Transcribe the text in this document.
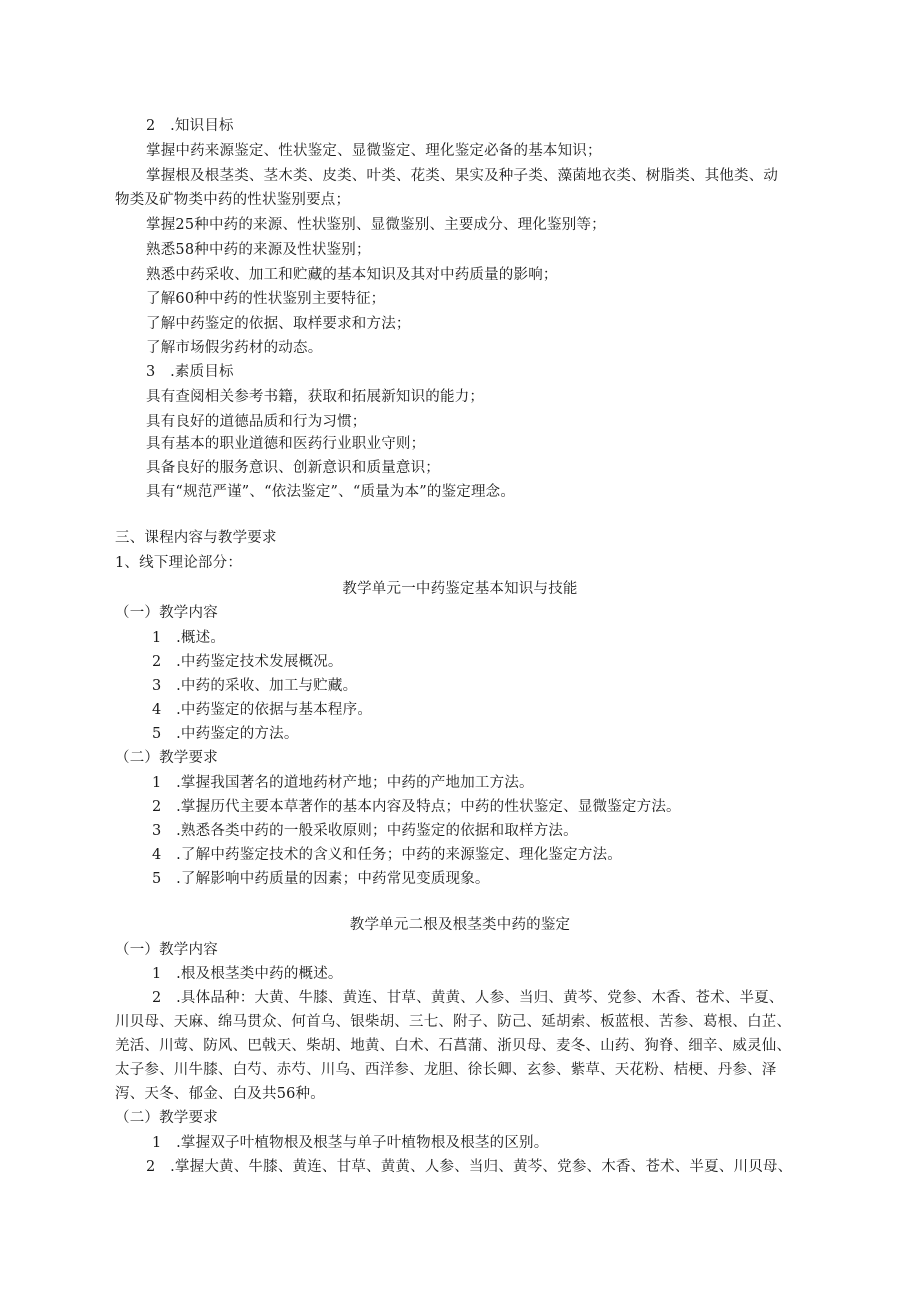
2　.知识目标
掌握中药来源鉴定、性状鉴定、显微鉴定、理化鉴定必备的基本知识；
掌握根及根茎类、茎木类、皮类、叶类、花类、果实及种子类、藻菌地衣类、树脂类、其他类、动
物类及矿物类中药的性状鉴别要点；
掌握25种中药的来源、性状鉴别、显微鉴别、主要成分、理化鉴别等；
熟悉58种中药的来源及性状鉴别；
熟悉中药采收、加工和贮藏的基本知识及其对中药质量的影响；
了解60种中药的性状鉴别主要特征；
了解中药鉴定的依据、取样要求和方法；
了解市场假劣药材的动态。
3　.素质目标
具有查阅相关参考书籍，获取和拓展新知识的能力；
具有良好的道德品质和行为习惯；
具有基本的职业道德和医药行业职业守则；
具备良好的服务意识、创新意识和质量意识；
具有“规范严谨”、“依法鉴定”、“质量为本”的鉴定理念。
三、课程内容与教学要求
1、线下理论部分：
教学单元一中药鉴定基本知识与技能
（一）教学内容
1　.概述。
2　.中药鉴定技术发展概况。
3　.中药的采收、加工与贮藏。
4　.中药鉴定的依据与基本程序。
5　.中药鉴定的方法。
（二）教学要求
1　.掌握我国著名的道地药材产地；中药的产地加工方法。
2　.掌握历代主要本草著作的基本内容及特点；中药的性状鉴定、显微鉴定方法。
3　.熟悉各类中药的一般采收原则；中药鉴定的依据和取样方法。
4　.了解中药鉴定技术的含义和任务；中药的来源鉴定、理化鉴定方法。
5　.了解影响中药质量的因素；中药常见变质现象。
教学单元二根及根茎类中药的鉴定
（一）教学内容
1　.根及根茎类中药的概述。
2　.具体品种：大黄、牛膝、黄连、甘草、黄黄、人参、当归、黄芩、党参、木香、苍术、半夏、
川贝母、天麻、绵马贯众、何首乌、银柴胡、三七、附子、防己、延胡索、板蓝根、苦参、葛根、白芷、
羌活、川莺、防风、巴戟天、柴胡、地黄、白术、石菖蒲、浙贝母、麦冬、山药、狗脊、细辛、威灵仙、
太子参、川牛膝、白芍、赤芍、川乌、西洋参、龙胆、徐长卿、玄参、紫草、天花粉、桔梗、丹参、泽
泻、天冬、郁金、白及共56种。
（二）教学要求
1　.掌握双子叶植物根及根茎与单子叶植物根及根茎的区别。
2　.掌握大黄、牛膝、黄连、甘草、黄黄、人参、当归、黄芩、党参、木香、苍术、半夏、川贝母、
